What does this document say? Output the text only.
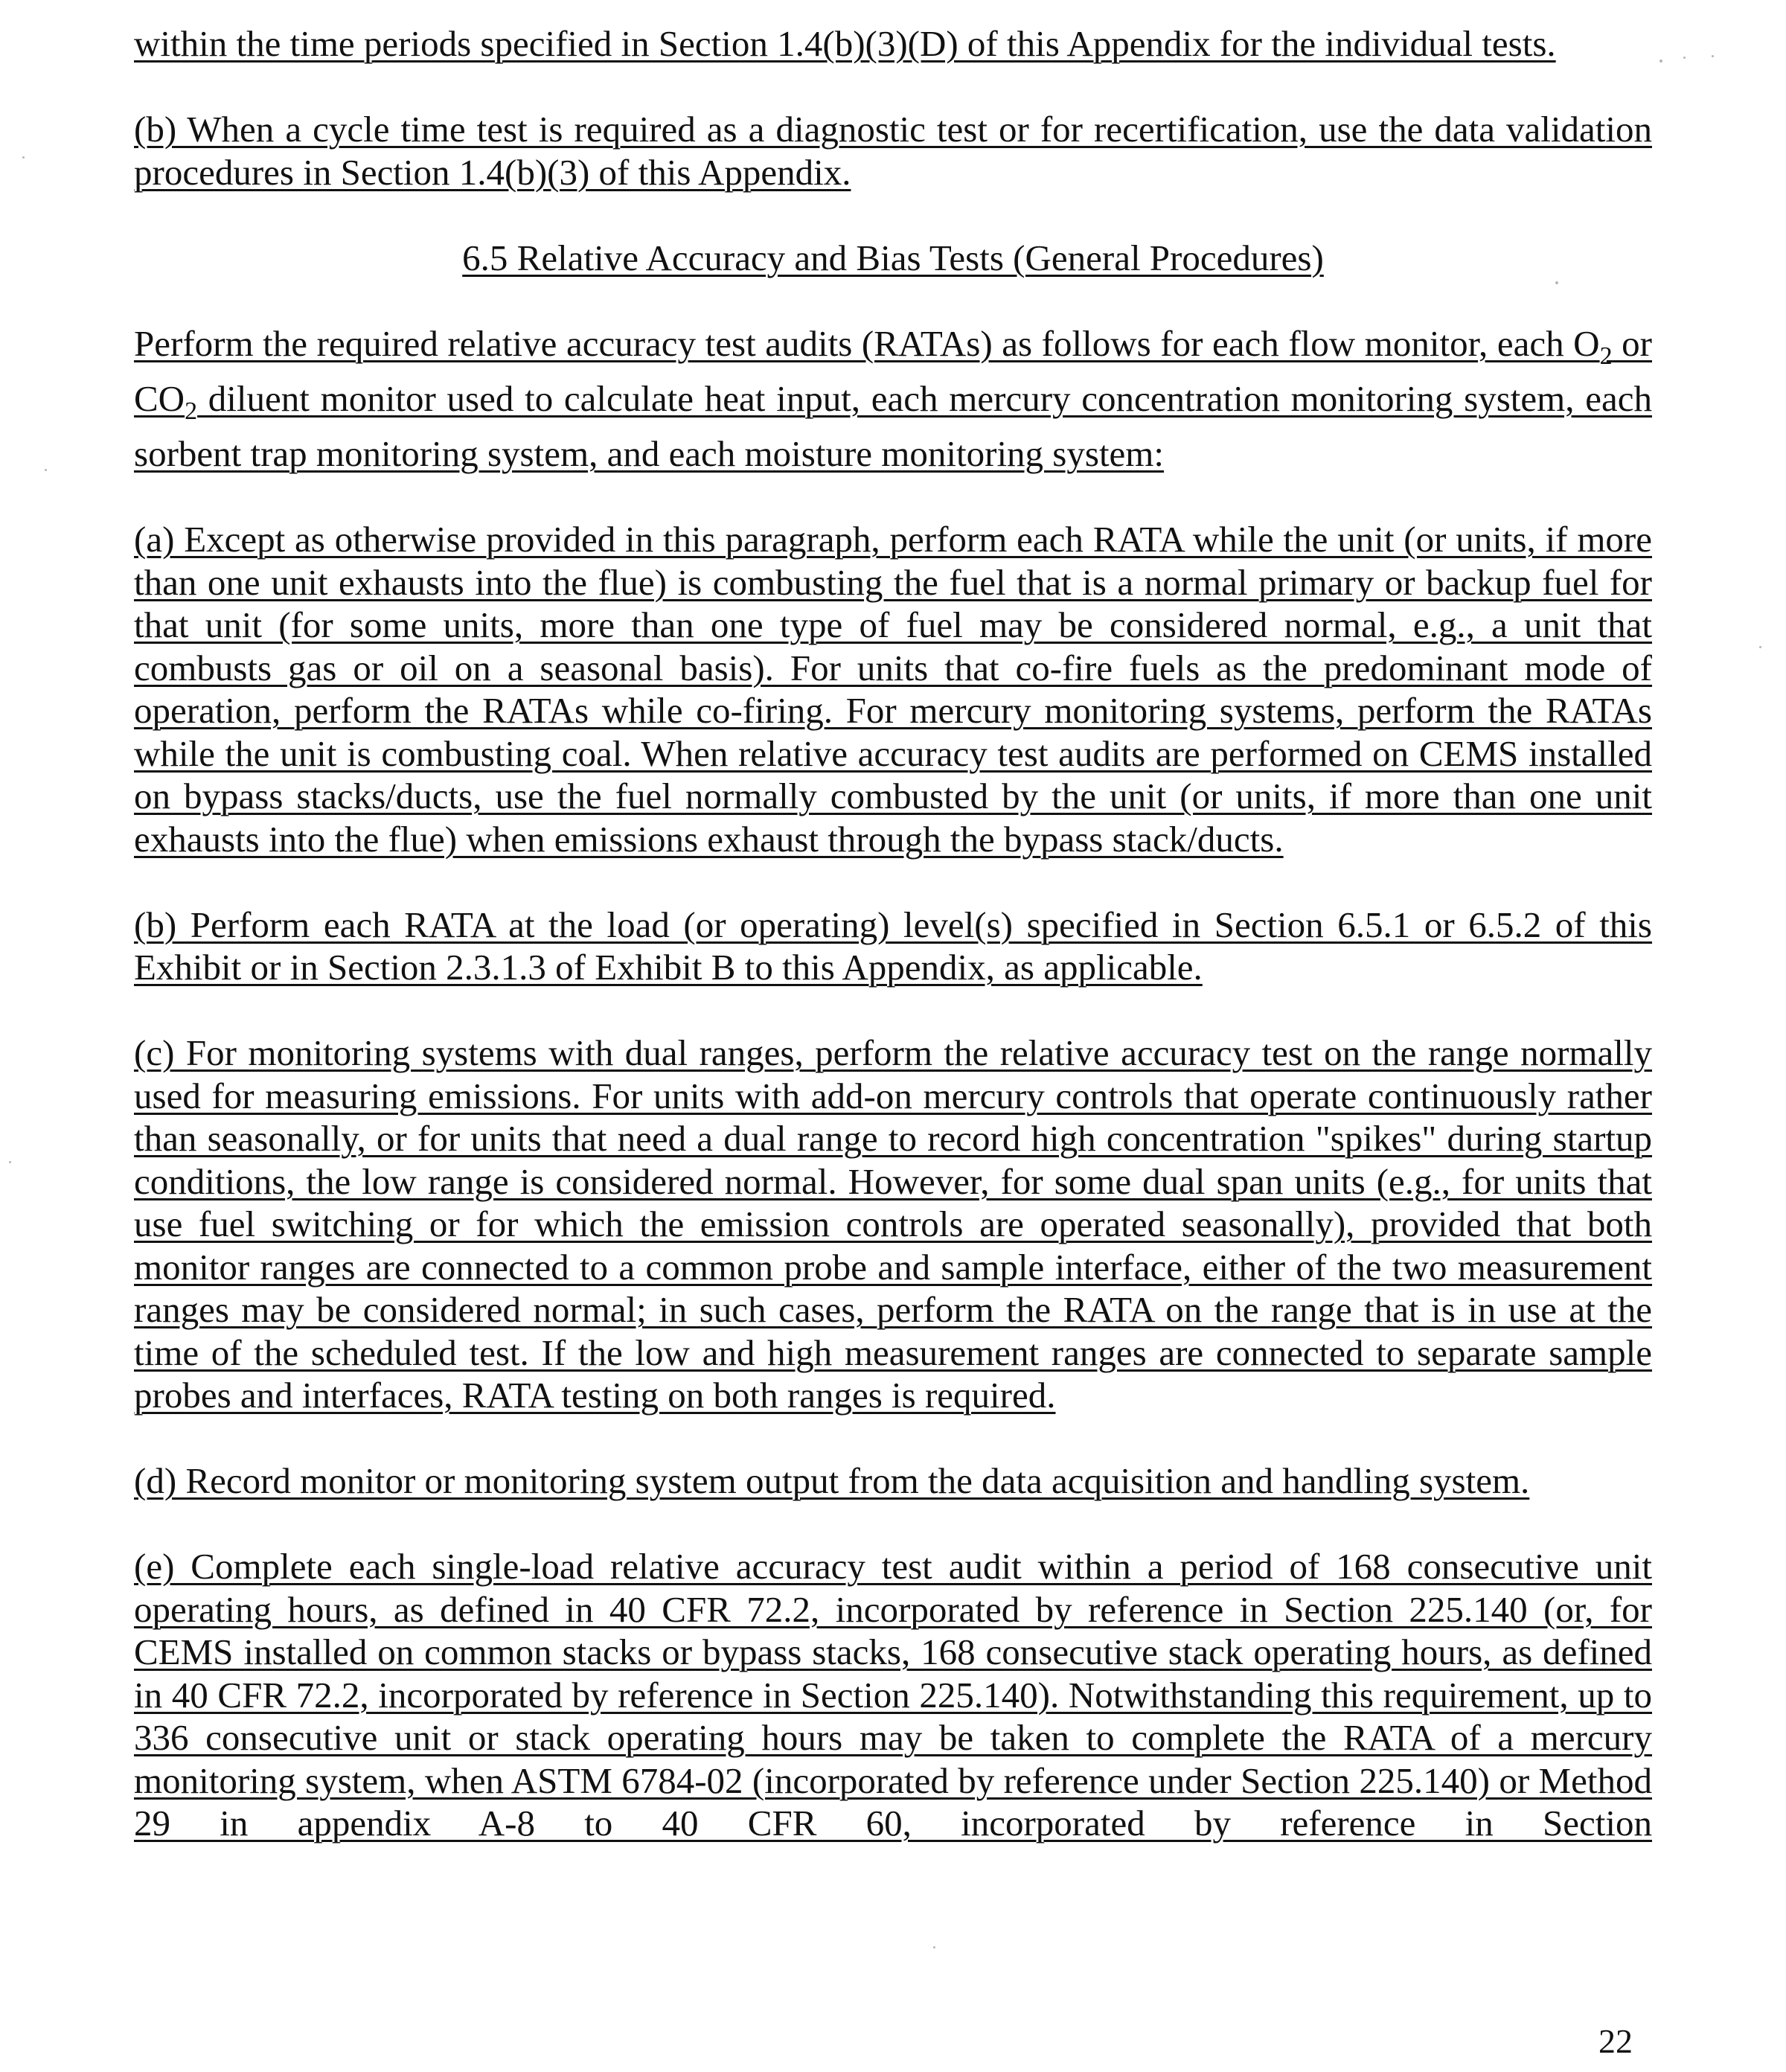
within the time periods specified in Section 1.4(b)(3)(D) of this Appendix for the individual tests.

(b) When a cycle time test is required as a diagnostic test or for recertification, use the data validation procedures in Section 1.4(b)(3) of this Appendix.

6.5 Relative Accuracy and Bias Tests (General Procedures)

Perform the required relative accuracy test audits (RATAs) as follows for each flow monitor, each $O_2$ or $CO_2$ diluent monitor used to calculate heat input, each mercury concentration monitoring system, each sorbent trap monitoring system, and each moisture monitoring system:

(a) Except as otherwise provided in this paragraph, perform each RATA while the unit (or units, if more than one unit exhausts into the flue) is combusting the fuel that is a normal primary or backup fuel for that unit (for some units, more than one type of fuel may be considered normal, e.g., a unit that combusts gas or oil on a seasonal basis). For units that co-fire fuels as the predominant mode of operation, perform the RATAs while co-firing. For mercury monitoring systems, perform the RATAs while the unit is combusting coal. When relative accuracy test audits are performed on CEMS installed on bypass stacks/ducts, use the fuel normally combusted by the unit (or units, if more than one unit exhausts into the flue) when emissions exhaust through the bypass stack/ducts.

(b) Perform each RATA at the load (or operating) level(s) specified in Section 6.5.1 or 6.5.2 of this Exhibit or in Section 2.3.1.3 of Exhibit B to this Appendix, as applicable.

(c) For monitoring systems with dual ranges, perform the relative accuracy test on the range normally used for measuring emissions. For units with add-on mercury controls that operate continuously rather than seasonally, or for units that need a dual range to record high concentration "spikes" during startup conditions, the low range is considered normal. However, for some dual span units (e.g., for units that use fuel switching or for which the emission controls are operated seasonally), provided that both monitor ranges are connected to a common probe and sample interface, either of the two measurement ranges may be considered normal; in such cases, perform the RATA on the range that is in use at the time of the scheduled test. If the low and high measurement ranges are connected to separate sample probes and interfaces, RATA testing on both ranges is required.

(d) Record monitor or monitoring system output from the data acquisition and handling system.

(e) Complete each single-load relative accuracy test audit within a period of 168 consecutive unit operating hours, as defined in 40 CFR 72.2, incorporated by reference in Section 225.140 (or, for CEMS installed on common stacks or bypass stacks, 168 consecutive stack operating hours, as defined in 40 CFR 72.2, incorporated by reference in Section 225.140). Notwithstanding this requirement, up to 336 consecutive unit or stack operating hours may be taken to complete the RATA of a mercury monitoring system, when ASTM 6784-02 (incorporated by reference under Section 225.140) or Method 29 in appendix A-8 to 40 CFR 60, incorporated by reference in Section

22
